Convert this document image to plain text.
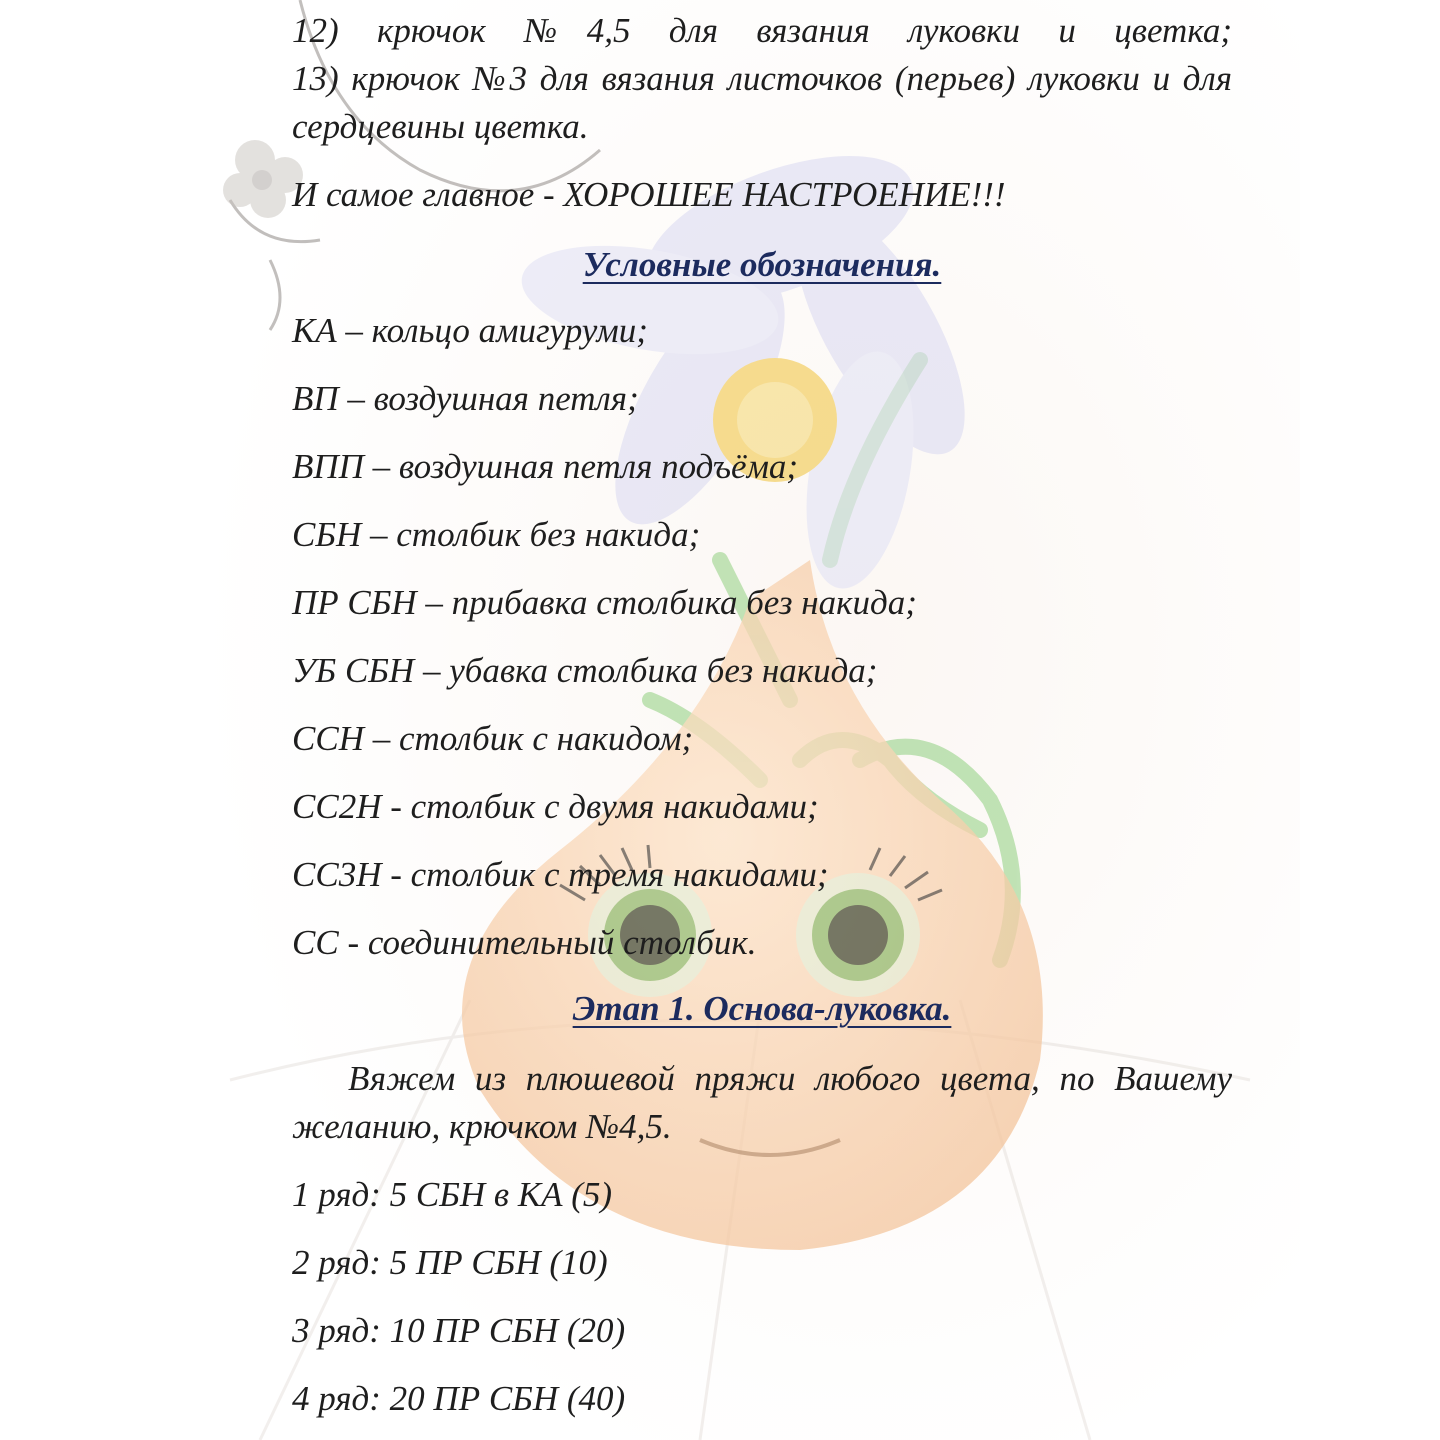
12) крючок №4,5 для вязания луковки и цветка;
13) крючок №3 для вязания листочков (перьев) луковки и для
сердцевины цветка.
И самое главное - ХОРОШЕЕ НАСТРОЕНИЕ!!!
Условные обозначения.
КА – кольцо амигуруми;
ВП – воздушная петля;
ВПП – воздушная петля подъёма;
СБН – столбик без накида;
ПР СБН – прибавка столбика без накида;
УБ СБН – убавка столбика без накида;
ССН – столбик с накидом;
СС2Н - столбик с двумя накидами;
СС3Н - столбик с тремя накидами;
СС - соединительный столбик.
Этап 1. Основа-луковка.
Вяжем из плюшевой пряжи любого цвета, по Вашему
желанию, крючком №4,5.
1 ряд: 5 СБН в КА (5)
2 ряд: 5 ПР СБН (10)
3 ряд: 10 ПР СБН (20)
4 ряд: 20 ПР СБН (40)
